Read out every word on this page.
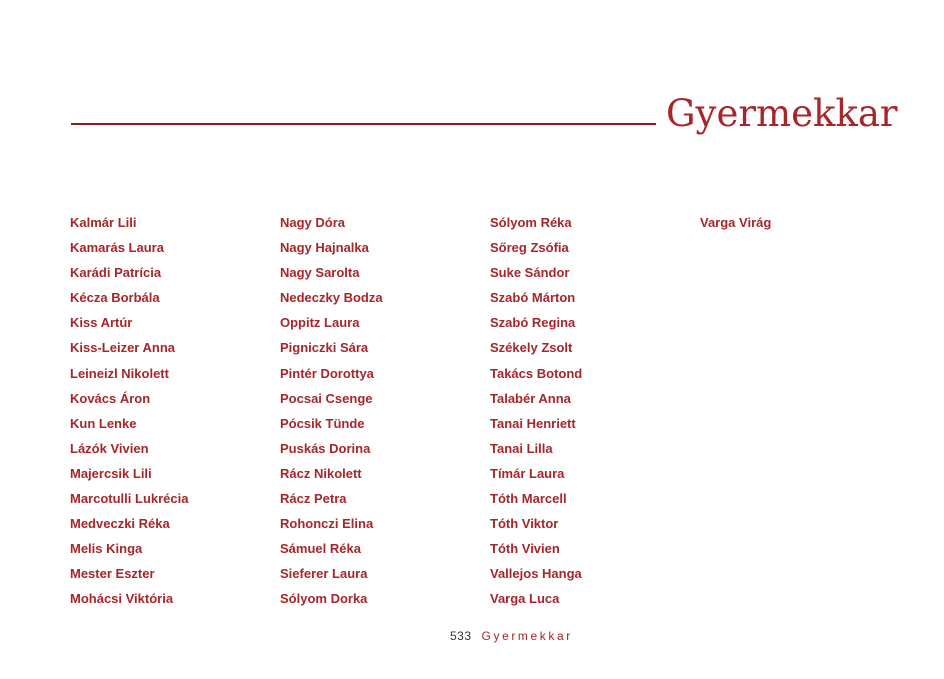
Gyermekkar
Kalmár Lili
Kamarás Laura
Karádi Patrícia
Kécza Borbála
Kiss Artúr
Kiss-Leizer Anna
Leineizl Nikolett
Kovács Áron
Kun Lenke
Lázók Vivien
Majercsik Lili
Marcotulli Lukrécia
Medveczki Réka
Melis Kinga
Mester Eszter
Mohácsi Viktória
Nagy Dóra
Nagy Hajnalka
Nagy Sarolta
Nedeczky Bodza
Oppitz Laura
Pigniczki Sára
Pintér Dorottya
Pocsai Csenge
Pócsik Tünde
Puskás Dorina
Rácz Nikolett
Rácz Petra
Rohonczi Elina
Sámuel Réka
Sieferer Laura
Sólyom Dorka
Sólyom Réka
Sőreg Zsófia
Suke Sándor
Szabó Márton
Szabó Regina
Székely Zsolt
Takács Botond
Talabér Anna
Tanai Henriett
Tanai Lilla
Tímár Laura
Tóth Marcell
Tóth Viktor
Tóth Vivien
Vallejos Hanga
Varga Luca
Varga Virág
533 Gyermekkar
